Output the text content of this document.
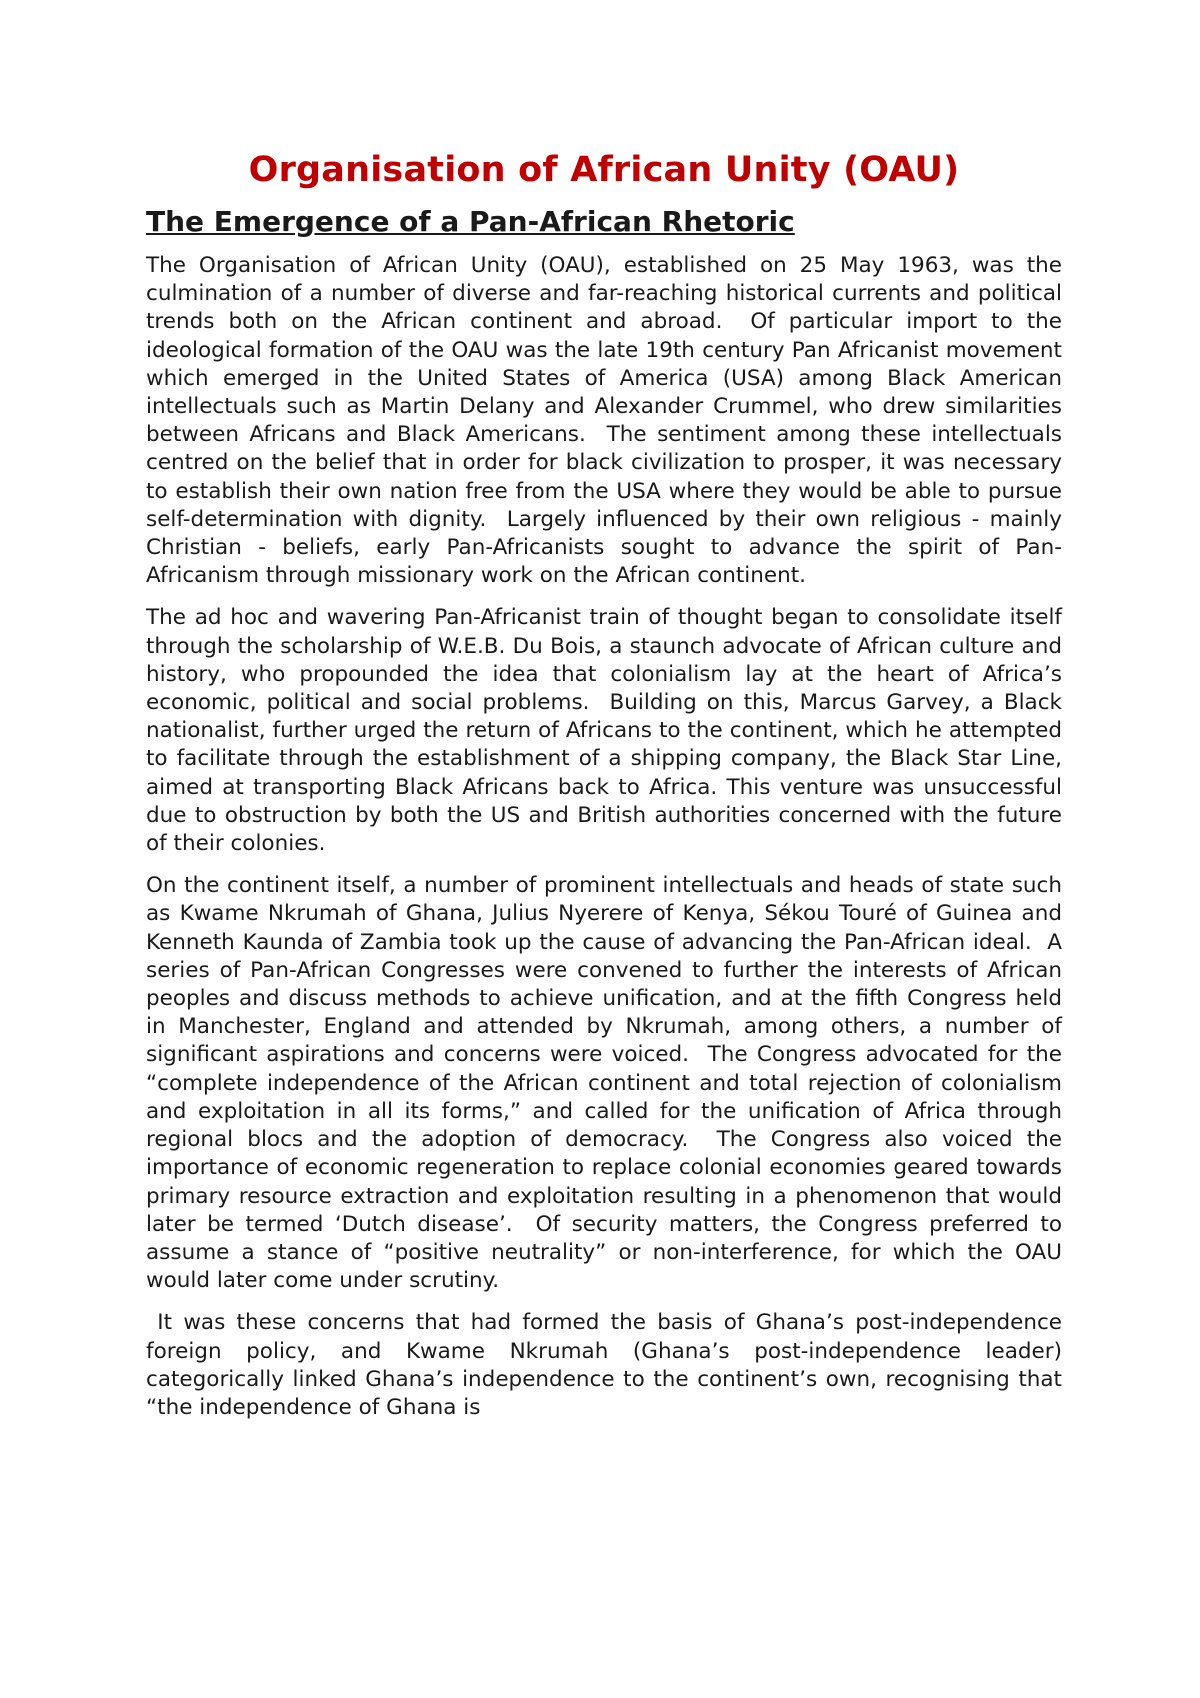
Organisation of African Unity (OAU)
The Emergence of a Pan-African Rhetoric

The Organisation of African Unity (OAU), established on 25 May 1963, was the culmination of a number of diverse and far-reaching historical currents and political trends both on the African continent and abroad.  Of particular import to the ideological formation of the OAU was the late 19th century Pan Africanist movement which emerged in the United States of America (USA) among Black American intellectuals such as Martin Delany and Alexander Crummel, who drew similarities between Africans and Black Americans.  The sentiment among these intellectuals centred on the belief that in order for black civilization to prosper, it was necessary to establish their own nation free from the USA where they would be able to pursue self-determination with dignity.  Largely influenced by their own religious - mainly Christian - beliefs, early Pan-Africanists sought to advance the spirit of Pan-Africanism through missionary work on the African continent.

The ad hoc and wavering Pan-Africanist train of thought began to consolidate itself through the scholarship of W.E.B. Du Bois, a staunch advocate of African culture and history, who propounded the idea that colonialism lay at the heart of Africa’s economic, political and social problems.  Building on this, Marcus Garvey, a Black nationalist, further urged the return of Africans to the continent, which he attempted to facilitate through the establishment of a shipping company, the Black Star Line, aimed at transporting Black Africans back to Africa. This venture was unsuccessful due to obstruction by both the US and British authorities concerned with the future of their colonies.

On the continent itself, a number of prominent intellectuals and heads of state such as Kwame Nkrumah of Ghana, Julius Nyerere of Kenya, Sékou Touré of Guinea and Kenneth Kaunda of Zambia took up the cause of advancing the Pan-African ideal.  A series of Pan-African Congresses were convened to further the interests of African peoples and discuss methods to achieve unification, and at the fifth Congress held in Manchester, England and attended by Nkrumah, among others, a number of significant aspirations and concerns were voiced.  The Congress advocated for the “complete independence of the African continent and total rejection of colonialism and exploitation in all its forms,” and called for the unification of Africa through regional blocs and the adoption of democracy.  The Congress also voiced the importance of economic regeneration to replace colonial economies geared towards primary resource extraction and exploitation resulting in a phenomenon that would later be termed ‘Dutch disease’.  Of security matters, the Congress preferred to assume a stance of “positive neutrality” or non-interference, for which the OAU would later come under scrutiny.

It was these concerns that had formed the basis of Ghana’s post-independence foreign policy, and Kwame Nkrumah (Ghana’s post-independence leader) categorically linked Ghana’s independence to the continent’s own, recognising that “the independence of Ghana is
